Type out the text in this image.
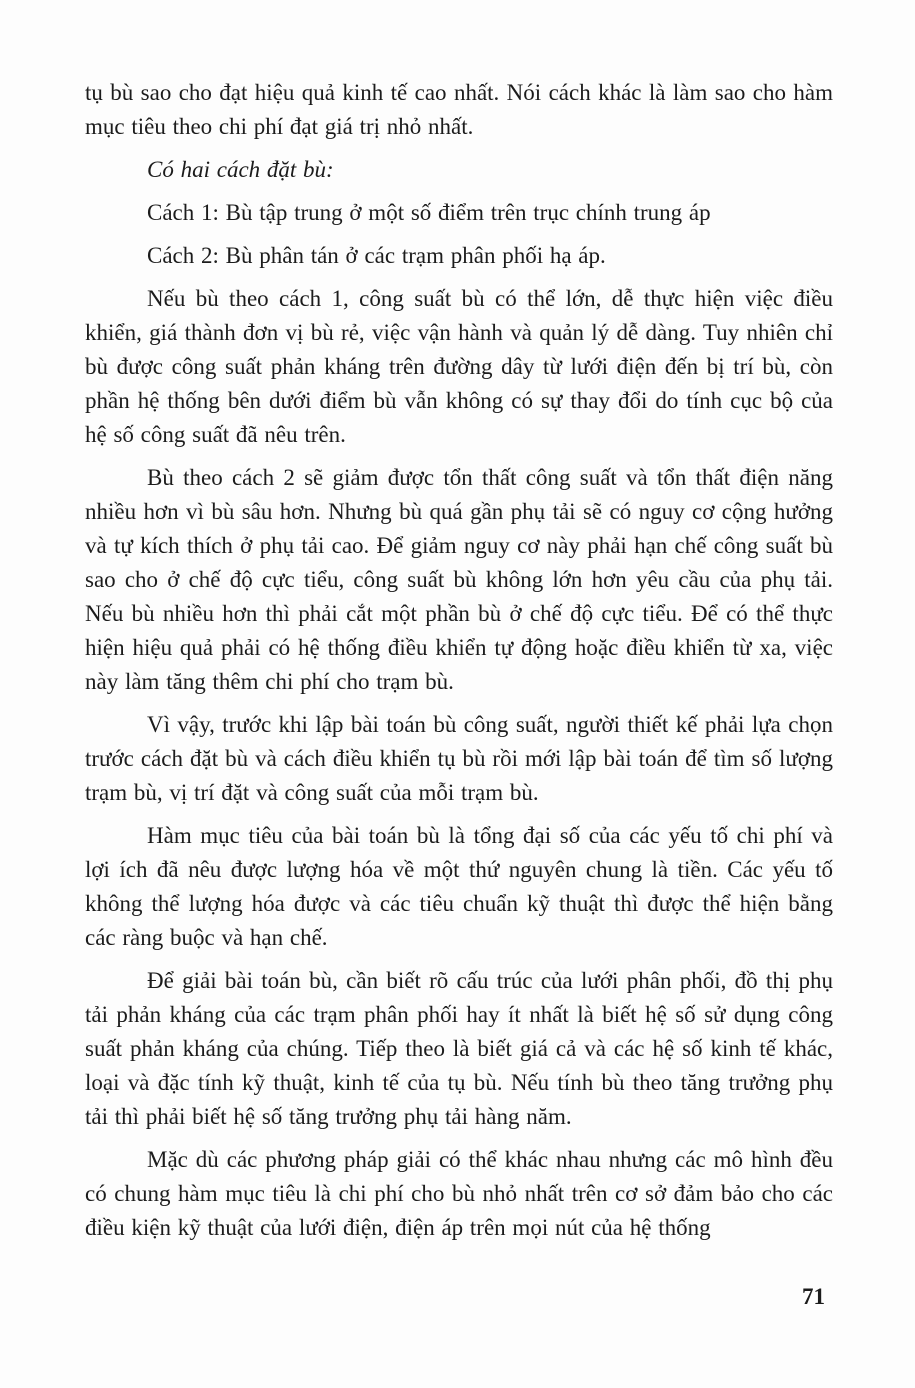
tụ bù sao cho đạt hiệu quả kinh tế cao nhất. Nói cách khác là làm sao cho hàm mục tiêu theo chi phí đạt giá trị nhỏ nhất.

Có hai cách đặt bù:

Cách 1: Bù tập trung ở một số điểm trên trục chính trung áp

Cách 2: Bù phân tán ở các trạm phân phối hạ áp.

Nếu bù theo cách 1, công suất bù có thể lớn, dễ thực hiện việc điều khiển, giá thành đơn vị bù rẻ, việc vận hành và quản lý dễ dàng. Tuy nhiên chỉ bù được công suất phản kháng trên đường dây từ lưới điện đến bị trí bù, còn phần hệ thống bên dưới điểm bù vẫn không có sự thay đổi do tính cục bộ của hệ số công suất đã nêu trên.

Bù theo cách 2 sẽ giảm được tổn thất công suất và tổn thất điện năng nhiều hơn vì bù sâu hơn. Nhưng bù quá gần phụ tải sẽ có nguy cơ cộng hưởng và tự kích thích ở phụ tải cao. Để giảm nguy cơ này phải hạn chế công suất bù sao cho ở chế độ cực tiểu, công suất bù không lớn hơn yêu cầu của phụ tải. Nếu bù nhiều hơn thì phải cắt một phần bù ở chế độ cực tiểu. Để có thể thực hiện hiệu quả phải có hệ thống điều khiển tự động hoặc điều khiển từ xa, việc này làm tăng thêm chi phí cho trạm bù.

Vì vậy, trước khi lập bài toán bù công suất, người thiết kế phải lựa chọn trước cách đặt bù và cách điều khiển tụ bù rồi mới lập bài toán để tìm số lượng trạm bù, vị trí đặt và công suất của mỗi trạm bù.

Hàm mục tiêu của bài toán bù là tổng đại số của các yếu tố chi phí và lợi ích đã nêu được lượng hóa về một thứ nguyên chung là tiền. Các yếu tố không thể lượng hóa được và các tiêu chuẩn kỹ thuật thì được thể hiện bằng các ràng buộc và hạn chế.

Để giải bài toán bù, cần biết rõ cấu trúc của lưới phân phối, đồ thị phụ tải phản kháng của các trạm phân phối hay ít nhất là biết hệ số sử dụng công suất phản kháng của chúng. Tiếp theo là biết giá cả và các hệ số kinh tế khác, loại và đặc tính kỹ thuật, kinh tế của tụ bù. Nếu tính bù theo tăng trưởng phụ tải thì phải biết hệ số tăng trưởng phụ tải hàng năm.

Mặc dù các phương pháp giải có thể khác nhau nhưng các mô hình đều có chung hàm mục tiêu là chi phí cho bù nhỏ nhất trên cơ sở đảm bảo cho các điều kiện kỹ thuật của lưới điện, điện áp trên mọi nút của hệ thống

71
